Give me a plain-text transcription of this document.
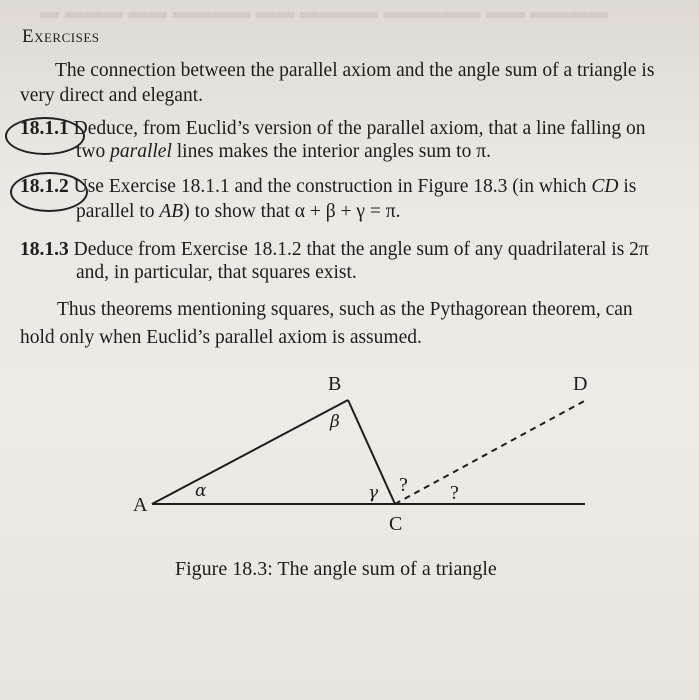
▬ ▬▬▬ ▬▬ ▬▬▬▬ ▬▬ ▬▬▬▬ ▬▬▬▬▬ ▬▬ ▬▬▬▬
Exercises
The connection between the parallel axiom and the angle sum of a triangle is
very direct and elegant.
18.1.1 Deduce, from Euclid’s version of the parallel axiom, that a line falling on
two parallel lines makes the interior angles sum to π.
18.1.2 Use Exercise 18.1.1 and the construction in Figure 18.3 (in which CD is
parallel to AB) to show that α + β + γ = π.
18.1.3 Deduce from Exercise 18.1.2 that the angle sum of any quadrilateral is 2π
and, in particular, that squares exist.
Thus theorems mentioning squares, such as the Pythagorean theorem, can
hold only when Euclid’s parallel axiom is assumed.
A
B
C
D
α
β
γ ? ?
Figure 18.3: The angle sum of a triangle
